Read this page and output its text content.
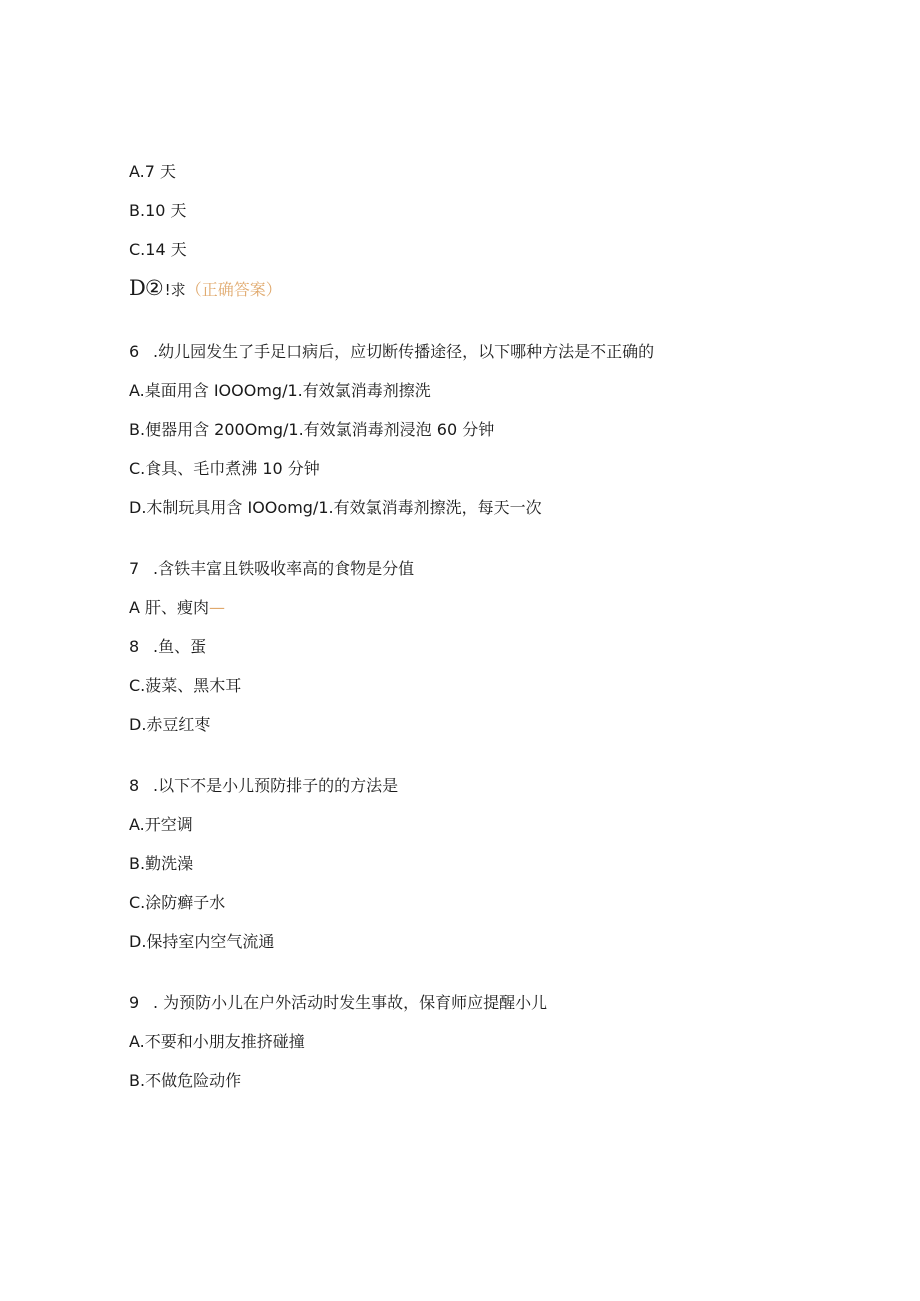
A.7 天
B.10 天
C.14 天
D② !求（正确答案）
6 .幼儿园发生了手足口病后，应切断传播途径，以下哪种方法是不正确的
A.桌面用含 IOOOmg/1.有效氯消毒剂擦洗
B.便器用含 200Omg/1.有效氯消毒剂浸泡 60 分钟
C.食具、毛巾煮沸 10 分钟
D.木制玩具用含 IOOomg/1.有效氯消毒剂擦洗，每天一次
7 .含铁丰富且铁吸收率高的食物是分值
A 肝、瘦肉—
8 .鱼、蛋
C.菠菜、黑木耳
D.赤豆红枣
8 .以下不是小儿预防排子的的方法是
A.开空调
B.勤洗澡
C.涂防癣子水
D.保持室内空气流通
9 . 为预防小儿在户外活动时发生事故，保育师应提醒小儿
A.不要和小朋友推挤碰撞
B.不做危险动作
